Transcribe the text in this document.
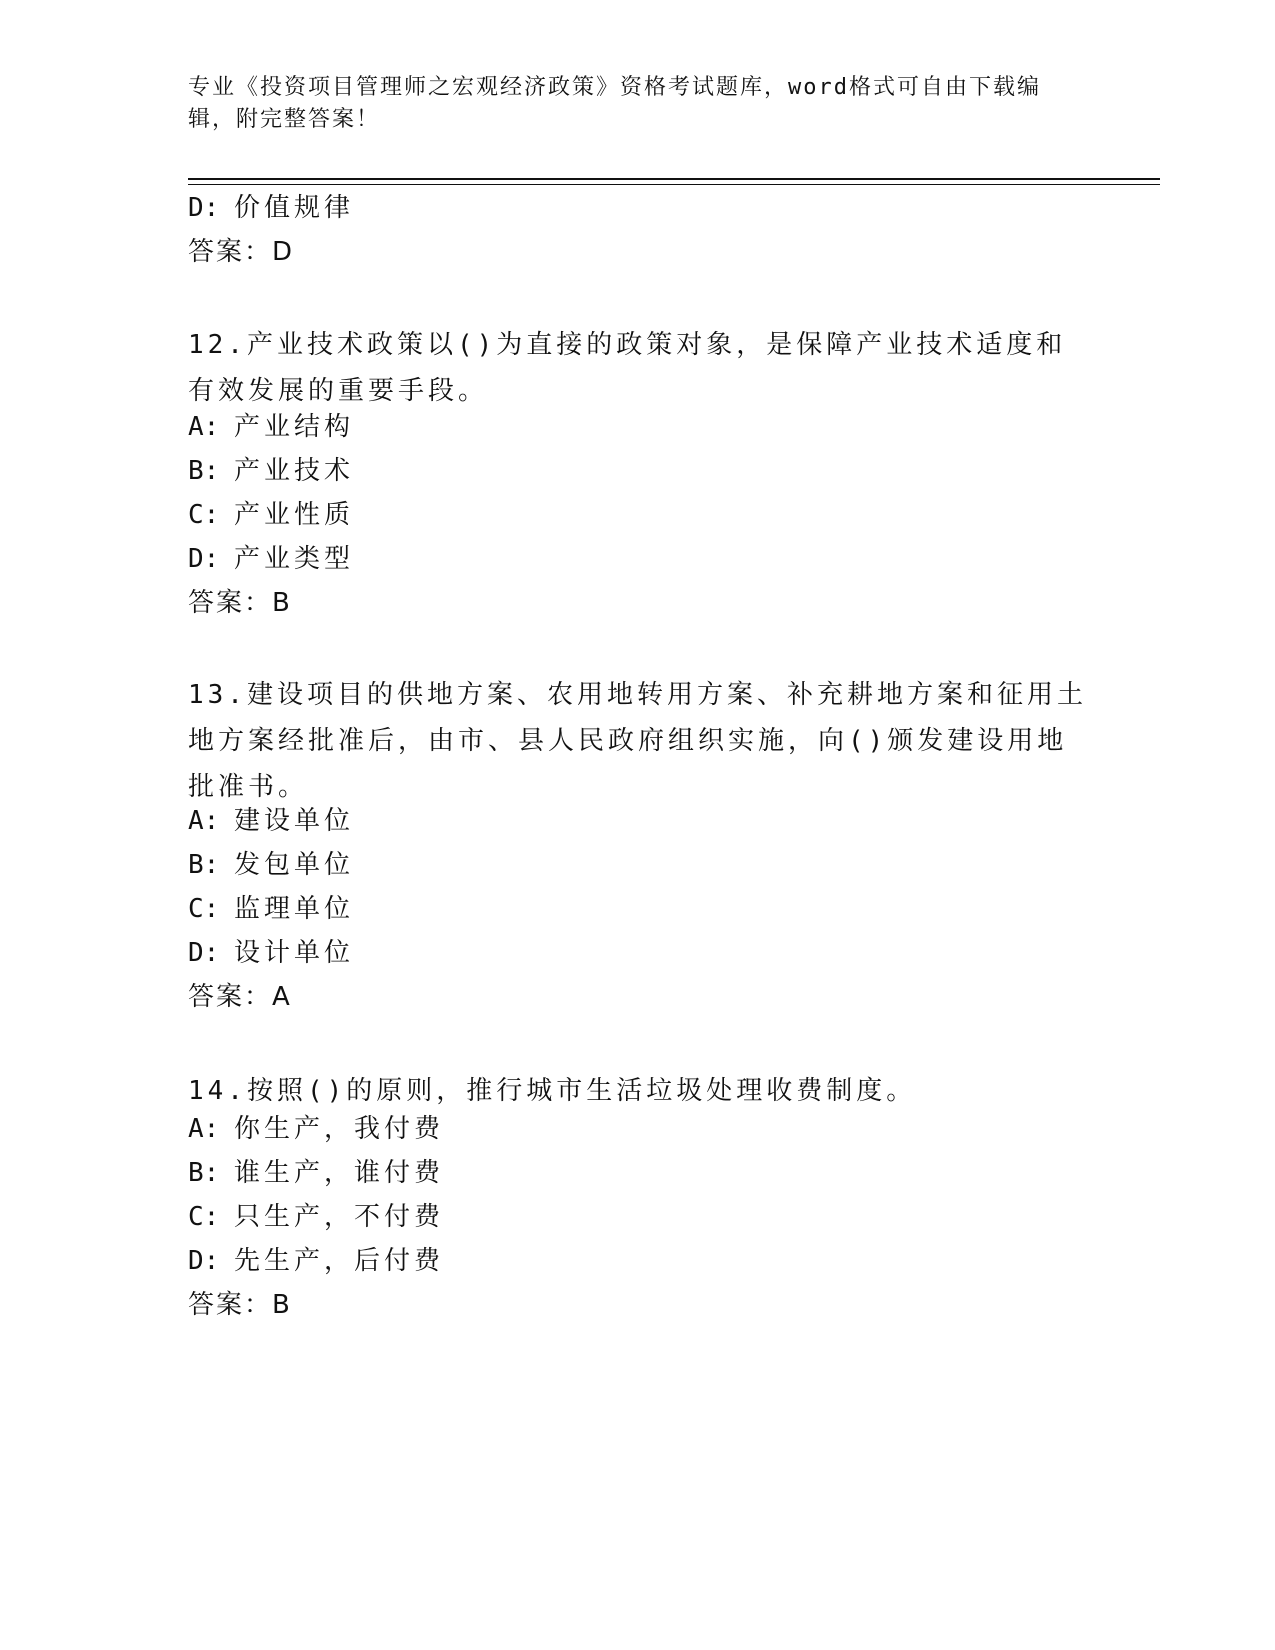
专业《投资项目管理师之宏观经济政策》资格考试题库，word格式可自由下载编辑，附完整答案！
D: 价值规律
答案：D
12.产业技术政策以()为直接的政策对象，是保障产业技术适度和有效发展的重要手段。
A: 产业结构
B: 产业技术
C: 产业性质
D: 产业类型
答案：B
13.建设项目的供地方案、农用地转用方案、补充耕地方案和征用土地方案经批准后，由市、县人民政府组织实施，向()颁发建设用地批准书。
A: 建设单位
B: 发包单位
C: 监理单位
D: 设计单位
答案：A
14.按照()的原则，推行城市生活垃圾处理收费制度。
A: 你生产，我付费
B: 谁生产，谁付费
C: 只生产，不付费
D: 先生产，后付费
答案：B
